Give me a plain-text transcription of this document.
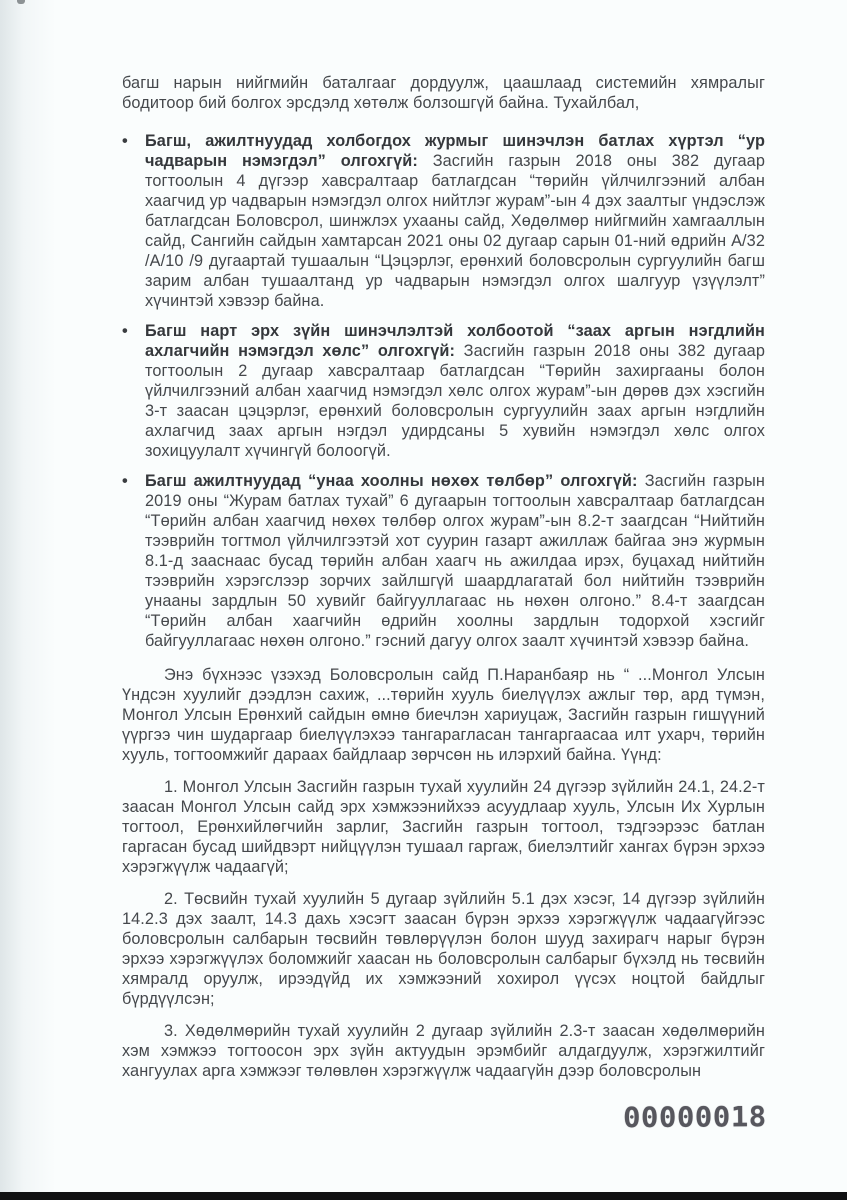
багш нарын нийгмийн баталгааг дордуулж, цаашлаад системийн хямралыг бодитоор бий болгох эрсдэлд хөтөлж болзошгүй байна. Тухайлбал,

•	Багш, ажилтнуудад холбогдох журмыг шинэчлэн батлах хүртэл “ур чадварын нэмэгдэл” олгохгүй: Засгийн газрын 2018 оны 382 дугаар тогтоолын 4 дүгээр хавсралтаар батлагдсан “төрийн үйлчилгээний албан хаагчид ур чадварын нэмэгдэл олгох нийтлэг журам”-ын 4 дэх заалтыг үндэслэж батлагдсан Боловсрол, шинжлэх ухааны сайд, Хөдөлмөр нийгмийн хамгааллын сайд, Сангийн сайдын хамтарсан 2021 оны 02 дугаар сарын 01-ний өдрийн А/32 /А/10 /9 дугаартай тушаалын “Цэцэрлэг, ерөнхий боловсролын сургуулийн багш зарим албан тушаалтанд ур чадварын нэмэгдэл олгох шалгуур үзүүлэлт” хүчинтэй хэвээр байна.
•	Багш нарт эрх зүйн шинэчлэлтэй холбоотой “заах аргын нэгдлийн ахлагчийн нэмэгдэл хөлс” олгохгүй: Засгийн газрын 2018 оны 382 дугаар тогтоолын 2 дугаар хавсралтаар батлагдсан “Төрийн захиргааны болон үйлчилгээний албан хаагчид нэмэгдэл хөлс олгох журам”-ын дөрөв дэх хэсгийн 3-т заасан цэцэрлэг, ерөнхий боловсролын сургуулийн заах аргын нэгдлийн ахлагчид заах аргын нэгдэл удирдсаны 5 хувийн нэмэгдэл хөлс олгох зохицуулалт хүчингүй болоогүй.
•	Багш ажилтнуудад “унаа хоолны нөхөх төлбөр” олгохгүй: Засгийн газрын 2019 оны “Журам батлах тухай” 6 дугаарын тогтоолын хавсралтаар батлагдсан “Төрийн албан хаагчид нөхөх төлбөр олгох журам”-ын 8.2-т заагдсан “Нийтийн тээврийн тогтмол үйлчилгээтэй хот суурин газарт ажиллаж байгаа энэ журмын 8.1-д зааснаас бусад төрийн албан хаагч нь ажилдаа ирэх, буцахад нийтийн тээврийн хэрэгслээр зорчих зайлшгүй шаардлагатай бол нийтийн тээврийн унааны зардлын 50 хувийг байгууллагаас нь нөхөн олгоно.” 8.4-т заагдсан “Төрийн албан хаагчийн өдрийн хоолны зардлын тодорхой хэсгийг байгууллагаас нөхөн олгоно.” гэсний дагуу олгох заалт хүчинтэй хэвээр байна.

Энэ бүхнээс үзэхэд Боловсролын сайд П.Наранбаяр нь “ ...Монгол Улсын Үндсэн хуулийг дээдлэн сахиж, ...төрийн хууль биелүүлэх ажлыг төр, ард түмэн, Монгол Улсын Ерөнхий сайдын өмнө биечлэн хариуцаж, Засгийн газрын гишүүний үүргээ чин шударгаар биелүүлэхээ тангарагласан тангаргаасаа илт ухарч, төрийн хууль, тогтоомжийг дараах байдлаар зөрчсөн нь илэрхий байна. Үүнд:

1. Монгол Улсын Засгийн газрын тухай хуулийн 24 дүгээр зүйлийн 24.1, 24.2-т заасан Монгол Улсын сайд эрх хэмжээнийхээ асуудлаар хууль, Улсын Их Хурлын тогтоол, Ерөнхийлөгчийн зарлиг, Засгийн газрын тогтоол, тэдгээрээс батлан гаргасан бусад шийдвэрт нийцүүлэн тушаал гаргаж, биелэлтийг хангах бүрэн эрхээ хэрэгжүүлж чадаагүй;

2. Төсвийн тухай хуулийн 5 дугаар зүйлийн 5.1 дэх хэсэг, 14 дүгээр зүйлийн 14.2.3 дэх заалт, 14.3 дахь хэсэгт заасан бүрэн эрхээ хэрэгжүүлж чадаагүйгээс боловсролын салбарын төсвийн төвлөрүүлэн болон шууд захирагч нарыг бүрэн эрхээ хэрэгжүүлэх боломжийг хаасан нь боловсролын салбарыг бүхэлд нь төсвийн хямралд оруулж, ирээдүйд их хэмжээний хохирол үүсэх ноцтой байдлыг бүрдүүлсэн;

3. Хөдөлмөрийн тухай хуулийн 2 дугаар зүйлийн 2.3-т заасан хөдөлмөрийн хэм хэмжээ тогтоосон эрх зүйн актуудын эрэмбийг алдагдуулж, хэрэгжилтийг хангуулах арга хэмжээг төлөвлөн хэрэгжүүлж чадаагүйн дээр боловсролын

00000018
